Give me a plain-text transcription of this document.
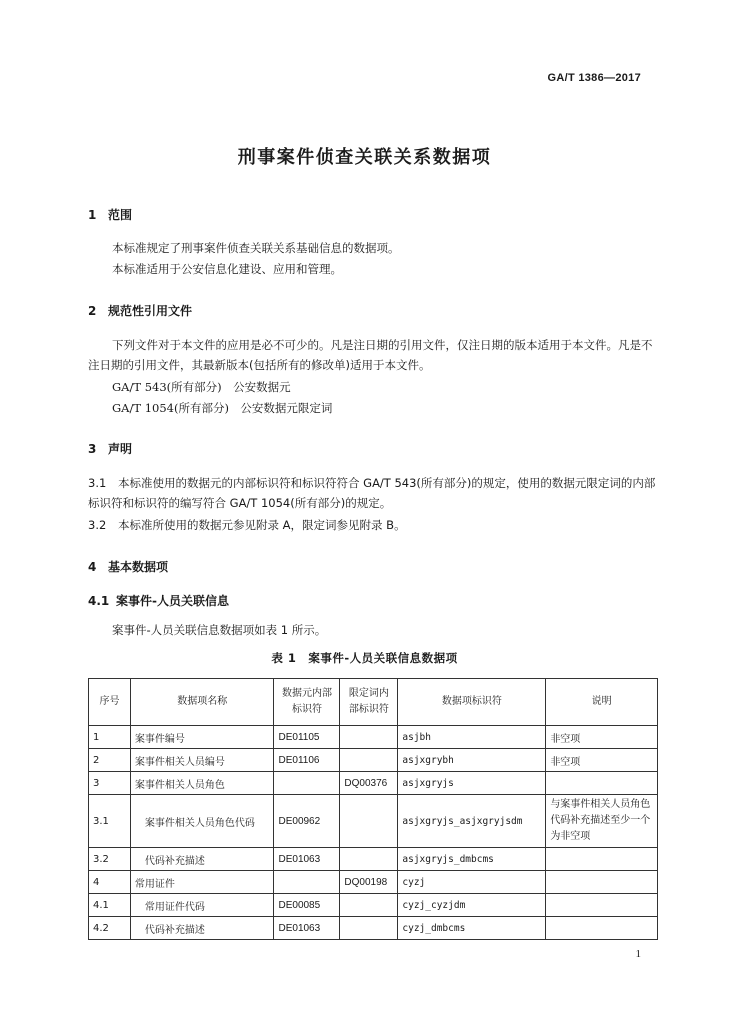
GA/T 1386—2017
刑事案件侦查关联关系数据项
1 范围
本标准规定了刑事案件侦查关联关系基础信息的数据项。
本标准适用于公安信息化建设、应用和管理。
2 规范性引用文件
下列文件对于本文件的应用是必不可少的。凡是注日期的引用文件，仅注日期的版本适用于本文件。凡是不注日期的引用文件，其最新版本(包括所有的修改单)适用于本文件。
GA/T 543(所有部分)　公安数据元
GA/T 1054(所有部分)　公安数据元限定词
3 声明
3.1 本标准使用的数据元的内部标识符和标识符符合 GA/T 543(所有部分)的规定，使用的数据元限定词的内部标识符和标识符的编写符合 GA/T 1054(所有部分)的规定。
3.2 本标准所使用的数据元参见附录 A，限定词参见附录 B。
4 基本数据项
4.1 案事件-人员关联信息
案事件-人员关联信息数据项如表 1 所示。
表 1　案事件-人员关联信息数据项
序号	数据项名称	数据元内部标识符	限定词内部标识符	数据项标识符	说明
1	案事件编号	DE01105		asjbh	非空项
2	案事件相关人员编号	DE01106		asjxgrybh	非空项
3	案事件相关人员角色		DQ00376	asjxgryjs	
3.1	案事件相关人员角色代码	DE00962		asjxgryjs_asjxgryjsdm	与案事件相关人员角色代码补充描述至少一个为非空项
3.2	代码补充描述	DE01063		asjxgryjs_dmbcms	
4	常用证件		DQ00198	cyzj	
4.1	常用证件代码	DE00085		cyzj_cyzjdm	
4.2	代码补充描述	DE01063		cyzj_dmbcms	
1
